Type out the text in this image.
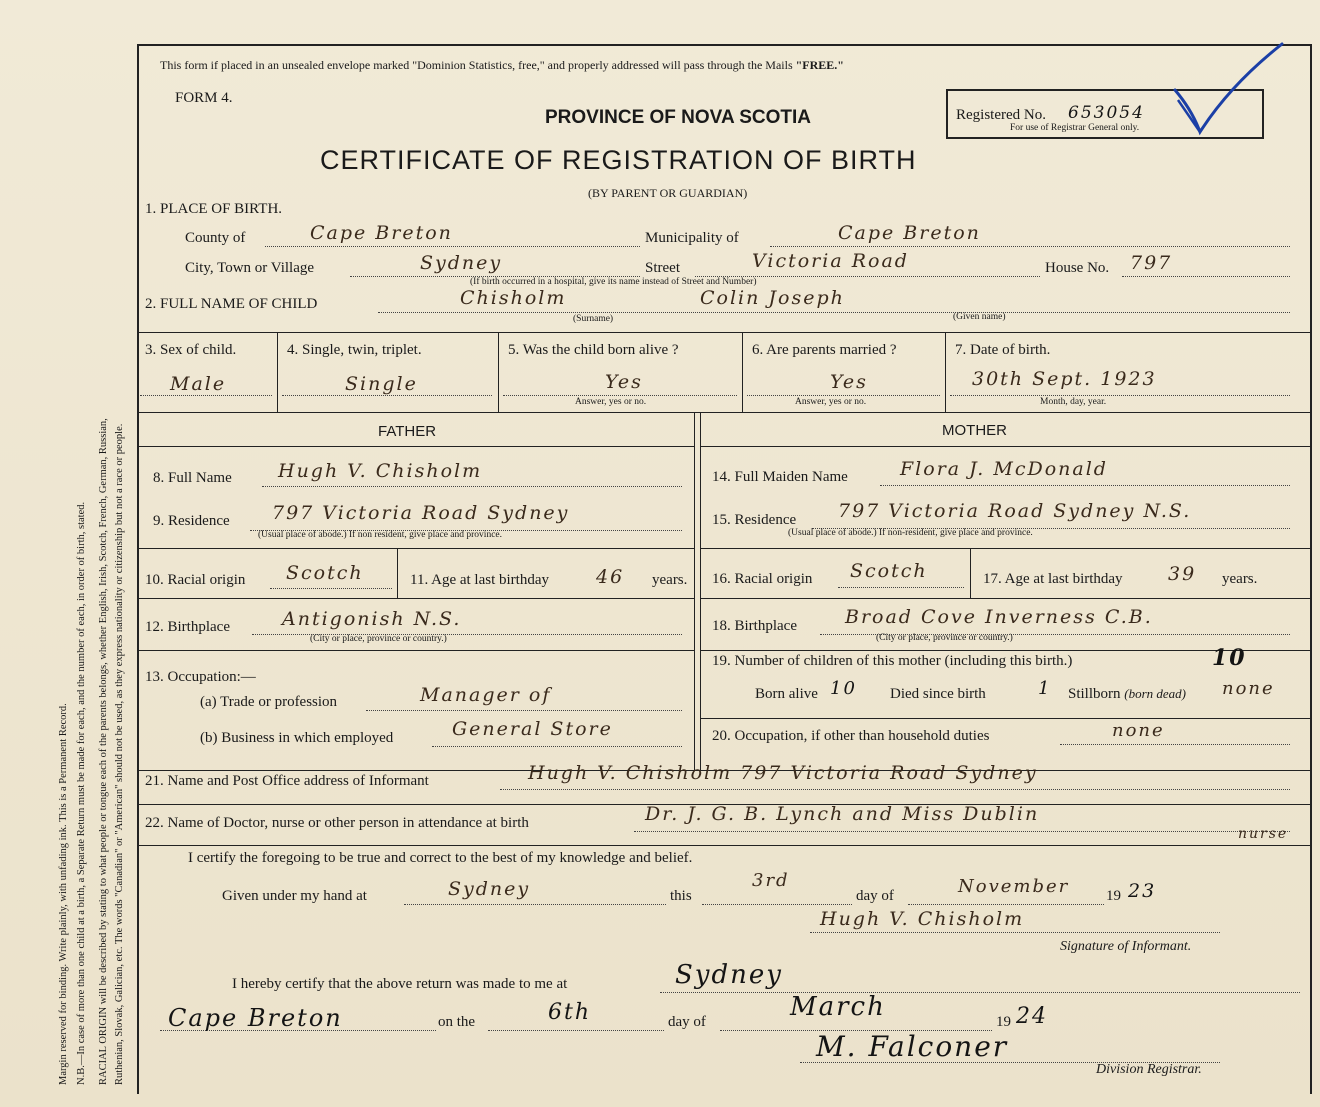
Margin reserved for binding. Write plainly, with unfading ink. This is a Permanent Record. N.B.—In case of more than one child at a birth, a Separate Return must be made for each, and the number of each, in order of birth, stated. RACIAL ORIGIN will be described by stating to what people or tongue each of the parents belongs, whether English, Irish, Scotch, French, German, Russian, Ruthenian, Slovak, Galician, etc. The words "Canadian" or "American" should not be used, as they express nationality or citizenship but not a race or people.
This form if placed in an unsealed envelope marked "Dominion Statistics, free," and properly addressed will pass through the Mails "FREE."
FORM 4.
PROVINCE OF NOVA SCOTIA
CERTIFICATE OF REGISTRATION OF BIRTH
(BY PARENT OR GUARDIAN)
Registered No. 653054
For use of Registrar General only.
1. PLACE OF BIRTH.
County of	Cape Breton	Municipality of	Cape Breton
City, Town or Village	Sydney
(If birth occurred in a hospital, give its name instead of Street and Number)
Street	Victoria Road	House No. 797
2. FULL NAME OF CHILD	Chisholm	Colin Joseph
(Surname)	(Given name)
3. Sex of child.
Male
4. Single, twin, triplet.
Single
5. Was the child born alive ?
Yes
Answer, yes or no.
6. Are parents married ?
Yes
Answer, yes or no.
7. Date of birth.
30th Sept. 1923
Month, day, year.
FATHER	MOTHER
8. Full Name Hugh V. Chisholm
9. Residence 797 Victoria Road Sydney
(Usual place of abode.) If non resident, give place and province.
10. Racial origin Scotch	11. Age at last birthday 46 years.
12. Birthplace	Antigonish N.S.
(City or place, province or country.)
13. Occupation:—
(a) Trade or profession	Manager of
(b) Business in which employed	General Store
14. Full Maiden Name	Flora J. McDonald
15. Residence 797 Victoria Road Sydney N.S.
(Usual place of abode.) If non-resident, give place and province.
16. Racial origin Scotch	17. Age at last birthday 39 years.
18. Birthplace	Broad Cove Inverness C.B.
(City or place, province or country.)
19. Number of children of this mother (including this birth.)	10
Born alive 10 Died since birth	1 Stillborn (born dead) none
20. Occupation, if other than household duties	none
21. Name and Post Office address of Informant	Hugh V. Chisholm 797 Victoria Road Sydney
22. Name of Doctor, nurse or other person in attendance at birth	Dr. J. G. B. Lynch and Miss Dublin
nurse
I certify the foregoing to be true and correct to the best of my knowledge and belief.
Given under my hand at	Sydney	this
3rd
day of	November 19 23
Hugh V. Chisholm
Signature of Informant.
I hereby certify that the above return was made to me at	Sydney
Cape Breton	on the	6th	day of	March	19 24
M. Falconer
Division Registrar.
